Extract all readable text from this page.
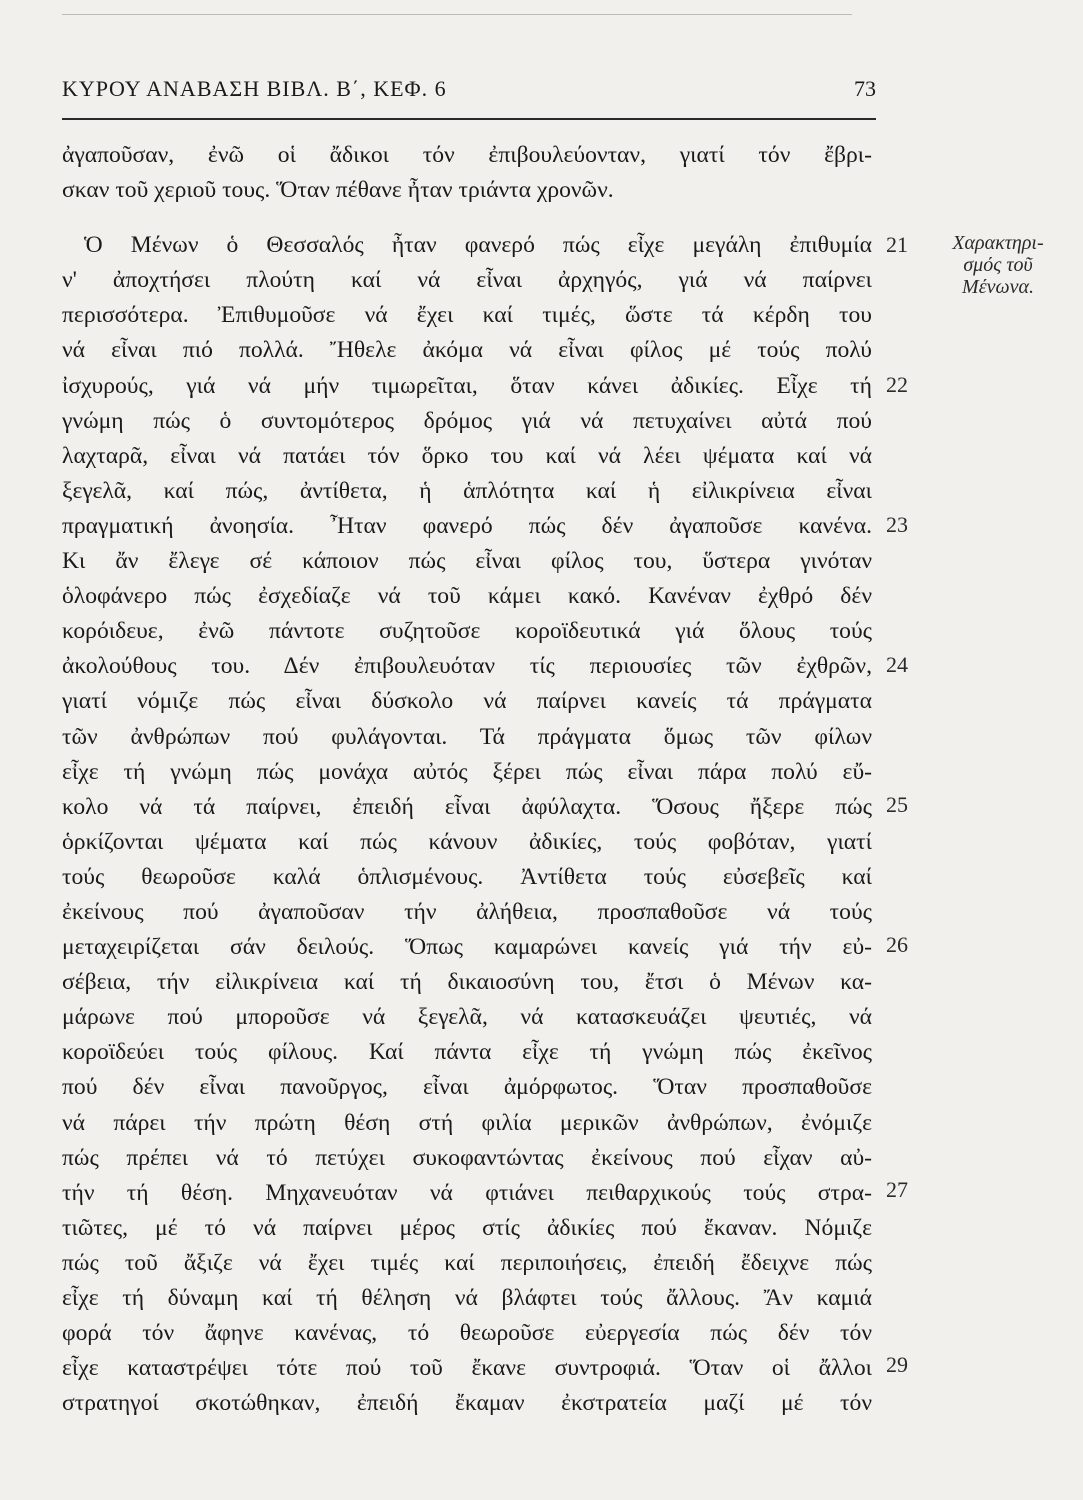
ΚΥΡΟΥ ΑΝΑΒΑΣΗ ΒΙΒΛ. Β΄, ΚΕΦ. 6	73
ἀγαποῦσαν, ἐνῶ οἱ ἄδικοι τόν ἐπιβουλεύονταν, γιατί τόν ἔβρι-
σκαν τοῦ χεριοῦ τους. Ὅταν πέθανε ἦταν τριάντα χρονῶν.
Ὁ Μένων ὁ Θεσσαλός ἦταν φανερό πώς εἶχε μεγάλη ἐπιθυμία
ν' ἀποχτήσει πλούτη καί νά εἶναι ἀρχηγός, γιά νά παίρνει
περισσότερα. Ἐπιθυμοῦσε νά ἔχει καί τιμές, ὥστε τά κέρδη του
νά εἶναι πιό πολλά. Ἤθελε ἀκόμα νά εἶναι φίλος μέ τούς πολύ
ἰσχυρούς, γιά νά μήν τιμωρεῖται, ὅταν κάνει ἀδικίες. Εἶχε τή
γνώμη πώς ὁ συντομότερος δρόμος γιά νά πετυχαίνει αὐτά πού
λαχταρᾶ, εἶναι νά πατάει τόν ὅρκο του καί νά λέει ψέματα καί νά
ξεγελᾶ, καί πώς, ἀντίθετα, ἡ ἁπλότητα καί ἡ εἰλικρίνεια εἶναι
πραγματική ἀνοησία. Ἦταν φανερό πώς δέν ἀγαποῦσε κανένα.
Κι ἄν ἔλεγε σέ κάποιον πώς εἶναι φίλος του, ὕστερα γινόταν
ὁλοφάνερο πώς ἐσχεδίαζε νά τοῦ κάμει κακό. Κανέναν ἐχθρό δέν
κορόιδευε, ἐνῶ πάντοτε συζητοῦσε κοροϊδευτικά γιά ὅλους τούς
ἀκολούθους του. Δέν ἐπιβουλευόταν τίς περιουσίες τῶν ἐχθρῶν,
γιατί νόμιζε πώς εἶναι δύσκολο νά παίρνει κανείς τά πράγματα
τῶν ἀνθρώπων πού φυλάγονται. Τά πράγματα ὅμως τῶν φίλων
εἶχε τή γνώμη πώς μονάχα αὐτός ξέρει πώς εἶναι πάρα πολύ εὔ-
κολο νά τά παίρνει, ἐπειδή εἶναι ἀφύλαχτα. Ὅσους ἤξερε πώς
ὁρκίζονται ψέματα καί πώς κάνουν ἀδικίες, τούς φοβόταν, γιατί
τούς θεωροῦσε καλά ὁπλισμένους. Ἀντίθετα τούς εὐσεβεῖς καί
ἐκείνους πού ἀγαποῦσαν τήν ἀλήθεια, προσπαθοῦσε νά τούς
μεταχειρίζεται σάν δειλούς. Ὅπως καμαρώνει κανείς γιά τήν εὐ-
σέβεια, τήν εἰλικρίνεια καί τή δικαιοσύνη του, ἔτσι ὁ Μένων κα-
μάρωνε πού μποροῦσε νά ξεγελᾶ, νά κατασκευάζει ψευτιές, νά
κοροϊδεύει τούς φίλους. Καί πάντα εἶχε τή γνώμη πώς ἐκεῖνος
πού δέν εἶναι πανοῦργος, εἶναι ἀμόρφωτος. Ὅταν προσπαθοῦσε
νά πάρει τήν πρώτη θέση στή φιλία μερικῶν ἀνθρώπων, ἐνόμιζε
πώς πρέπει νά τό πετύχει συκοφαντώντας ἐκείνους πού εἶχαν αὐ-
τήν τή θέση. Μηχανευόταν νά φτιάνει πειθαρχικούς τούς στρα-
τιῶτες, μέ τό νά παίρνει μέρος στίς ἀδικίες πού ἔκαναν. Νόμιζε
πώς τοῦ ἄξιζε νά ἔχει τιμές καί περιποιήσεις, ἐπειδή ἔδειχνε πώς
εἶχε τή δύναμη καί τή θέληση νά βλάφτει τούς ἄλλους. Ἄν καμιά
φορά τόν ἄφηνε κανένας, τό θεωροῦσε εὐεργεσία πώς δέν τόν
εἶχε καταστρέψει τότε πού τοῦ ἔκανε συντροφιά. Ὅταν οἱ ἄλλοι
στρατηγοί σκοτώθηκαν, ἐπειδή ἔκαμαν ἐκστρατεία μαζί μέ τόν
21
22
23
24
25
26
27
29
Χαρακτηρι-
σμός τοῦ
Μένωνα.
